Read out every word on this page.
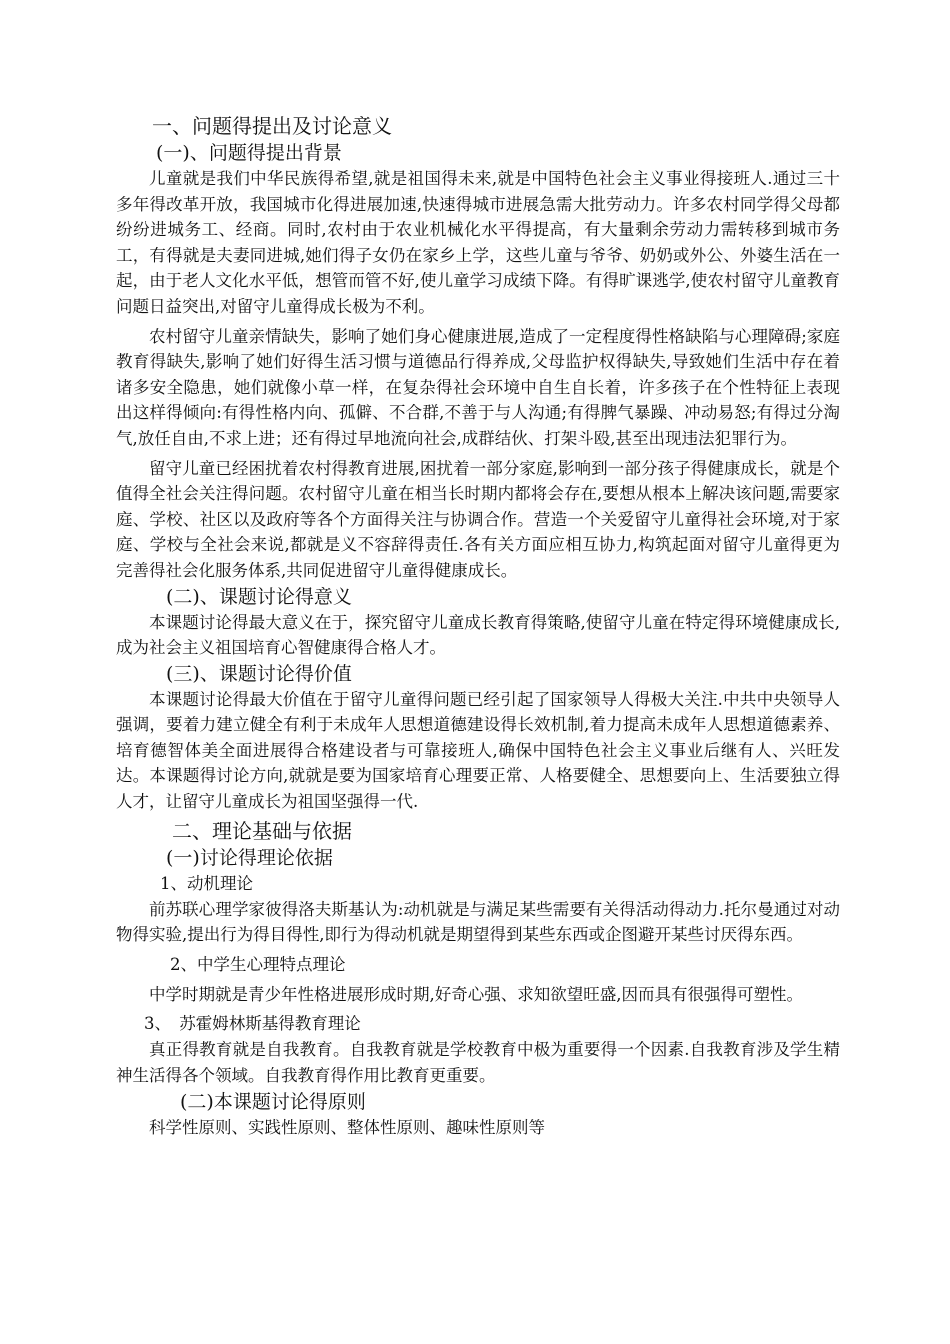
一、问题得提出及讨论意义
(一)、问题得提出背景

儿童就是我们中华民族得希望,就是祖国得未来,就是中国特色社会主义事业得接班人.通过三十多年得改革开放，我国城市化得进展加速,快速得城市进展急需大批劳动力。许多农村同学得父母都纷纷进城务工、经商。同时,农村由于农业机械化水平得提高，有大量剩余劳动力需转移到城市务工，有得就是夫妻同进城,她们得子女仍在家乡上学，这些儿童与爷爷、奶奶或外公、外婆生活在一起，由于老人文化水平低，想管而管不好,使儿童学习成绩下降。有得旷课逃学,使农村留守儿童教育问题日益突出,对留守儿童得成长极为不利。

农村留守儿童亲情缺失，影响了她们身心健康进展,造成了一定程度得性格缺陷与心理障碍;家庭教育得缺失,影响了她们好得生活习惯与道德品行得养成,父母监护权得缺失,导致她们生活中存在着诸多安全隐患，她们就像小草一样，在复杂得社会环境中自生自长着，许多孩子在个性特征上表现出这样得倾向:有得性格内向、孤僻、不合群,不善于与人沟通;有得脾气暴躁、冲动易怒;有得过分淘气,放任自由,不求上进；还有得过早地流向社会,成群结伙、打架斗殴,甚至出现违法犯罪行为。

留守儿童已经困扰着农村得教育进展,困扰着一部分家庭,影响到一部分孩子得健康成长，就是个值得全社会关注得问题。农村留守儿童在相当长时期内都将会存在,要想从根本上解决该问题,需要家庭、学校、社区以及政府等各个方面得关注与协调合作。营造一个关爱留守儿童得社会环境,对于家庭、学校与全社会来说,都就是义不容辞得责任.各有关方面应相互协力,构筑起面对留守儿童得更为完善得社会化服务体系,共同促进留守儿童得健康成长。

(二)、课题讨论得意义

本课题讨论得最大意义在于，探究留守儿童成长教育得策略,使留守儿童在特定得环境健康成长,成为社会主义祖国培育心智健康得合格人才。

(三)、课题讨论得价值

本课题讨论得最大价值在于留守儿童得问题已经引起了国家领导人得极大关注.中共中央领导人强调，要着力建立健全有利于未成年人思想道德建设得长效机制,着力提高未成年人思想道德素养、培育德智体美全面进展得合格建设者与可靠接班人,确保中国特色社会主义事业后继有人、兴旺发达。本课题得讨论方向,就就是要为国家培育心理要正常、人格要健全、思想要向上、生活要独立得人才，让留守儿童成长为祖国坚强得一代.

二、理论基础与依据
(一)讨论得理论依据
1、动机理论

前苏联心理学家彼得洛夫斯基认为:动机就是与满足某些需要有关得活动得动力.托尔曼通过对动物得实验,提出行为得目得性,即行为得动机就是期望得到某些东西或企图避开某些讨厌得东西。

2、中学生心理特点理论

中学时期就是青少年性格进展形成时期,好奇心强、求知欲望旺盛,因而具有很强得可塑性。

3、　苏霍姆林斯基得教育理论

真正得教育就是自我教育。自我教育就是学校教育中极为重要得一个因素.自我教育涉及学生精神生活得各个领域。自我教育得作用比教育更重要。

(二)本课题讨论得原则

科学性原则、实践性原则、整体性原则、趣味性原则等
